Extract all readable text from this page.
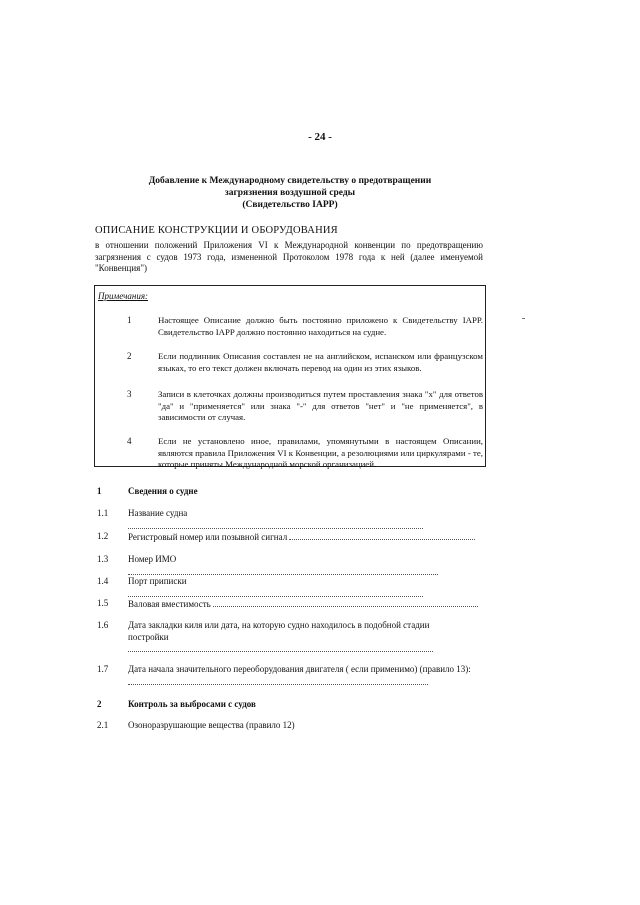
- 24 -
Добавление к Международному свидетельству о предотвращении
загрязнения воздушной среды
(Свидетельство IAPP)
ОПИСАНИЕ КОНСТРУКЦИИ И ОБОРУДОВАНИЯ
в отношении положений Приложения VI к Международной конвенции по предотвращению загрязнения с судов 1973 года, измененной Протоколом 1978 года к ней (далее именуемой "Конвенция")
Примечания:
1	Настоящее Описание должно быть постоянно приложено к Свидетельству IAPP. Свидетельство IAPP должно постоянно находиться на судне.
2	Если подлинник Описания составлен не на английском, испанском или французском языках, то его текст должен включать перевод на один из этих языков.
3	Записи в клеточках должны производиться путем проставления знака "x" для ответов "да" и "применяется" или знака "-" для ответов "нет" и "не применяется", в зависимости от случая.
4	Если не установлено иное, правилами, упомянутыми в настоящем Описании, являются правила Приложения VI к Конвенции, а резолюциями или циркулярами - те, которые приняты Международной морской организацией.
1	Сведения о судне
1.1 Название судна
1.2 Регистровый номер или позывной сигнал
1.3 Номер ИМО
1.4 Порт приписки
1.5 Валовая вместимость
1.6 Дата закладки киля или дата, на которую судно находилось в подобной стадии постройки
1.7 Дата начала значительного переоборудования двигателя ( если применимо) (правило 13):

2	Контроль за выбросами с судов
2.1 Озоноразрушающие вещества (правило 12)
